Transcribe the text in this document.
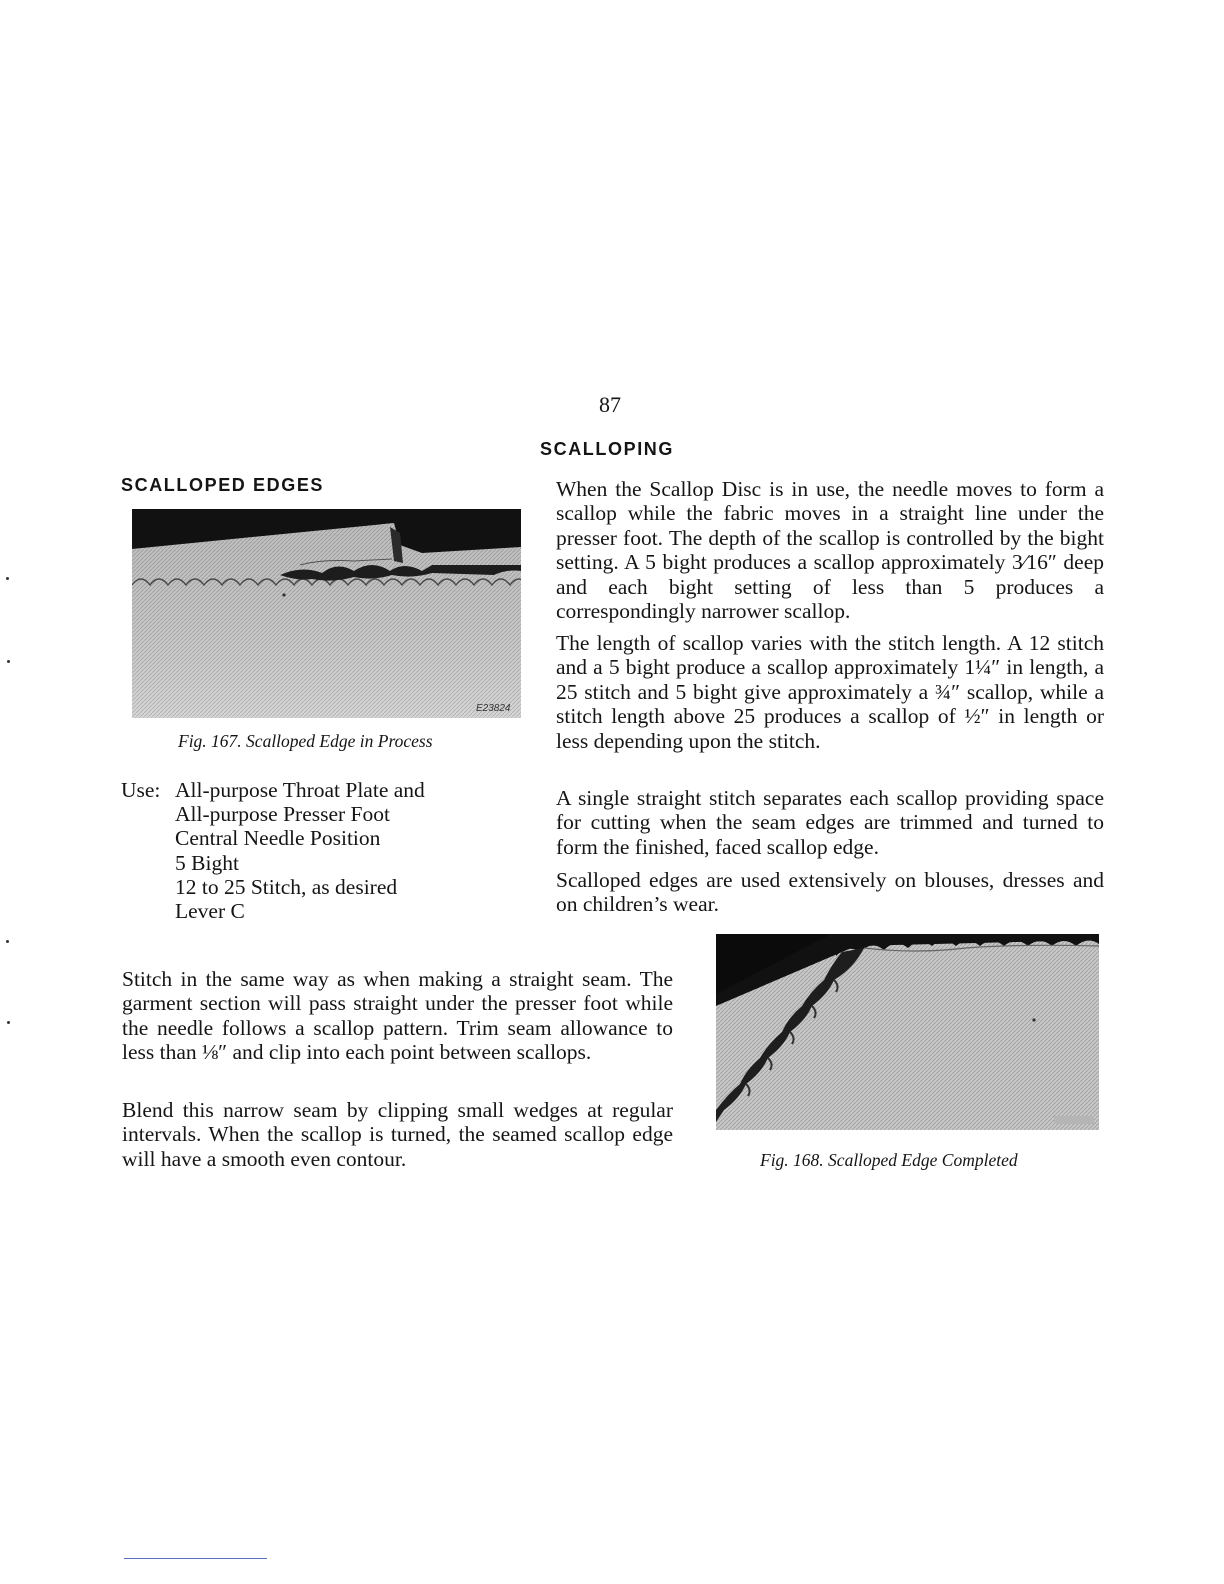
87
SCALLOPED EDGES
E23824
Fig. 167. Scalloped Edge in Process
Use: All-purpose Throat Plate and
All-purpose Presser Foot
Central Needle Position
5 Bight
12 to 25 Stitch, as desired
Lever C
SCALLOPING

When the Scallop Disc is in use, the needle moves to form a scallop while the fabric moves in a straight line under the presser foot. The depth of the scallop is controlled by the bight setting. A 5 bight produces a scallop approximately 3⁄16″ deep and each bight setting of less than 5 produces a correspondingly narrower scallop.

The length of scallop varies with the stitch length. A 12 stitch and a 5 bight produce a scallop approximately 1¼″ in length, a 25 stitch and 5 bight give approximately a ¾″ scallop, while a stitch length above 25 produces a scallop of ½″ in length or less depending upon the stitch.

A single straight stitch separates each scallop providing space for cutting when the seam edges are trimmed and turned to form the finished, faced scallop edge.

Scalloped edges are used extensively on blouses, dresses and on children’s wear.

Stitch in the same way as when making a straight seam. The garment section will pass straight under the presser foot while the needle follows a scallop pattern. Trim seam allowance to less than ⅛″ and clip into each point between scallops.

Blend this narrow seam by clipping small wedges at regular intervals. When the scallop is turned, the seamed scallop edge will have a smooth even contour.	Fig. 168. Scalloped Edge Completed
